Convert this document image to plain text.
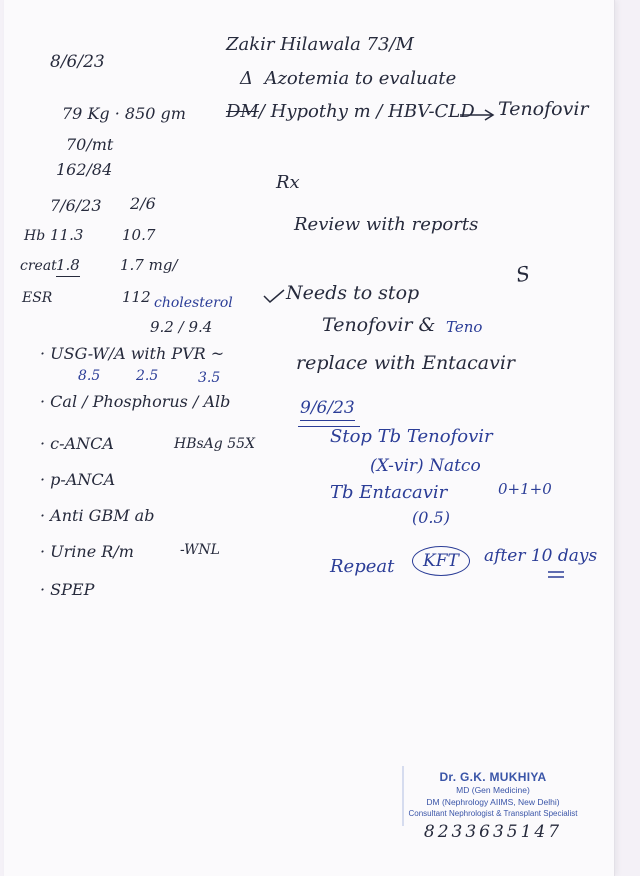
8/6/23
Zakir Hilawala 73/M
Δ  Azotemia to evaluate
DM/ Hypothy m / HBV-CLD Tenofovir
79 Kg · 850 gm
70/mt
162/84
Rx
7/6/23 2/6
Hb 11.3	10.7
creat 1.8	1.7 mg/
ESR	112 cholesterol
9.2 / 9.4
Review with reports
S
· USG-W/A with PVR ~
8.5	2.5	3.5
· Cal / Phosphorus / Alb
· c-ANCA	HBsAg 55X
· p-ANCA
· Anti GBM ab
· Urine R/m	-WNL
· SPEP
Needs to stop
Tenofovir & Teno
replace with Entacavir
9/6/23
Stop Tb Tenofovir
(X-vir) Natco
Tb Entacavir	0+1+0
(0.5)
Repeat	KFT	after 10 days
Dr. G.K. MUKHIYA
MD (Gen Medicine)
DM (Nephrology AIIMS, New Delhi)
Consultant Nephrologist & Transplant Specialist
8233635147
